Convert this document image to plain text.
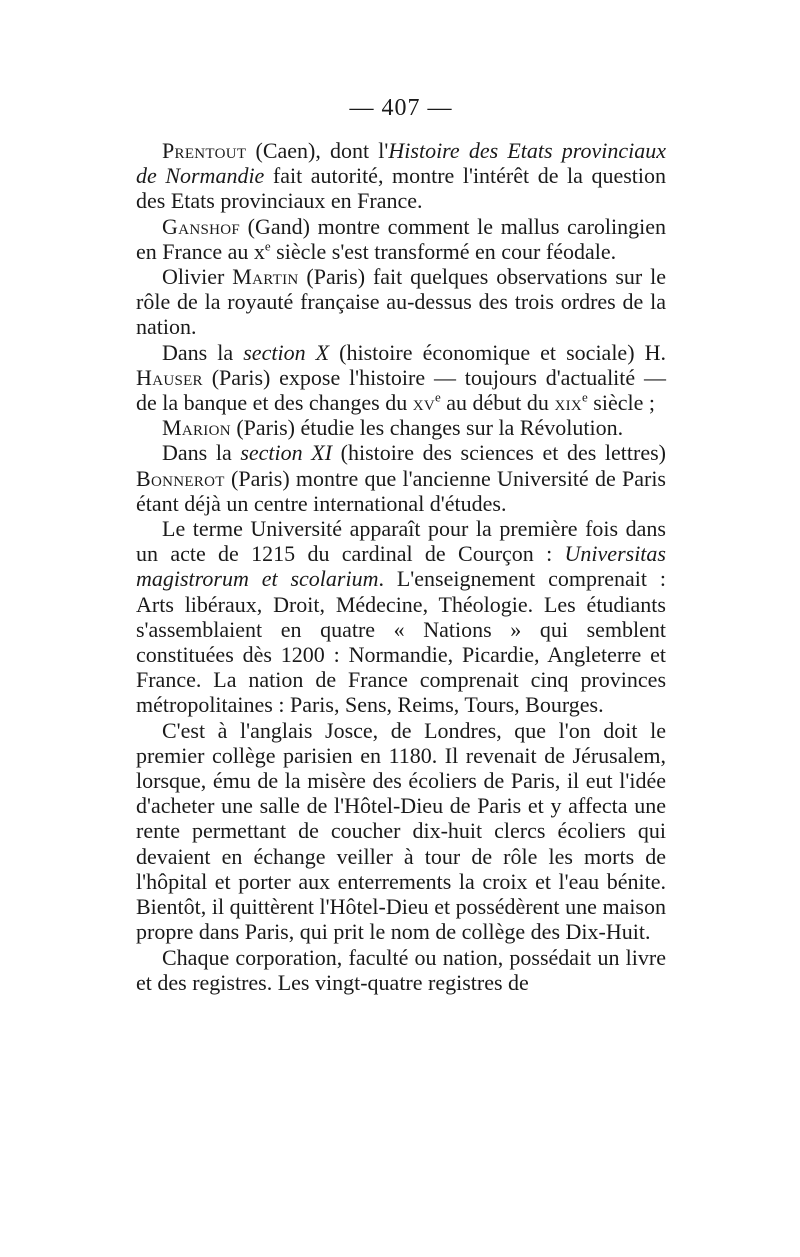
— 407 —

Prentout (Caen), dont l'Histoire des Etats provinciaux de Normandie fait autorité, montre l'intérêt de la question des Etats provinciaux en France.

Ganshof (Gand) montre comment le mallus carolingien en France au $x^e$ siècle s'est transformé en cour féodale.

Olivier Martin (Paris) fait quelques observations sur le rôle de la royauté française au-dessus des trois ordres de la nation.

Dans la section X (histoire économique et sociale) H. Hauser (Paris) expose l'histoire — toujours d'actualité — de la banque et des changes du $xv^e$ au début du xix$^e$ siècle ;

Marion (Paris) étudie les changes sur la Révolution.

Dans la section XI (histoire des sciences et des lettres) Bonnerot (Paris) montre que l'ancienne Université de Paris étant déjà un centre international d'études.

Le terme Université apparaît pour la première fois dans un acte de 1215 du cardinal de Courçon : Universitas magistrorum et scolarium. L'enseignement comprenait : Arts libéraux, Droit, Médecine, Théologie. Les étudiants s'assemblaient en quatre « Nations » qui semblent constituées dès 1200 : Normandie, Picardie, Angleterre et France. La nation de France comprenait cinq provinces métropolitaines : Paris, Sens, Reims, Tours, Bourges.

C'est à l'anglais Josce, de Londres, que l'on doit le premier collège parisien en 1180. Il revenait de Jérusalem, lorsque, ému de la misère des écoliers de Paris, il eut l'idée d'acheter une salle de l'Hôtel-Dieu de Paris et y affecta une rente permettant de coucher dix-huit clercs écoliers qui devaient en échange veiller à tour de rôle les morts de l'hôpital et porter aux enterrements la croix et l'eau bénite. Bientôt, il quittèrent l'Hôtel-Dieu et possédèrent une maison propre dans Paris, qui prit le nom de collège des Dix-Huit.

Chaque corporation, faculté ou nation, possédait un livre et des registres. Les vingt-quatre registres de
